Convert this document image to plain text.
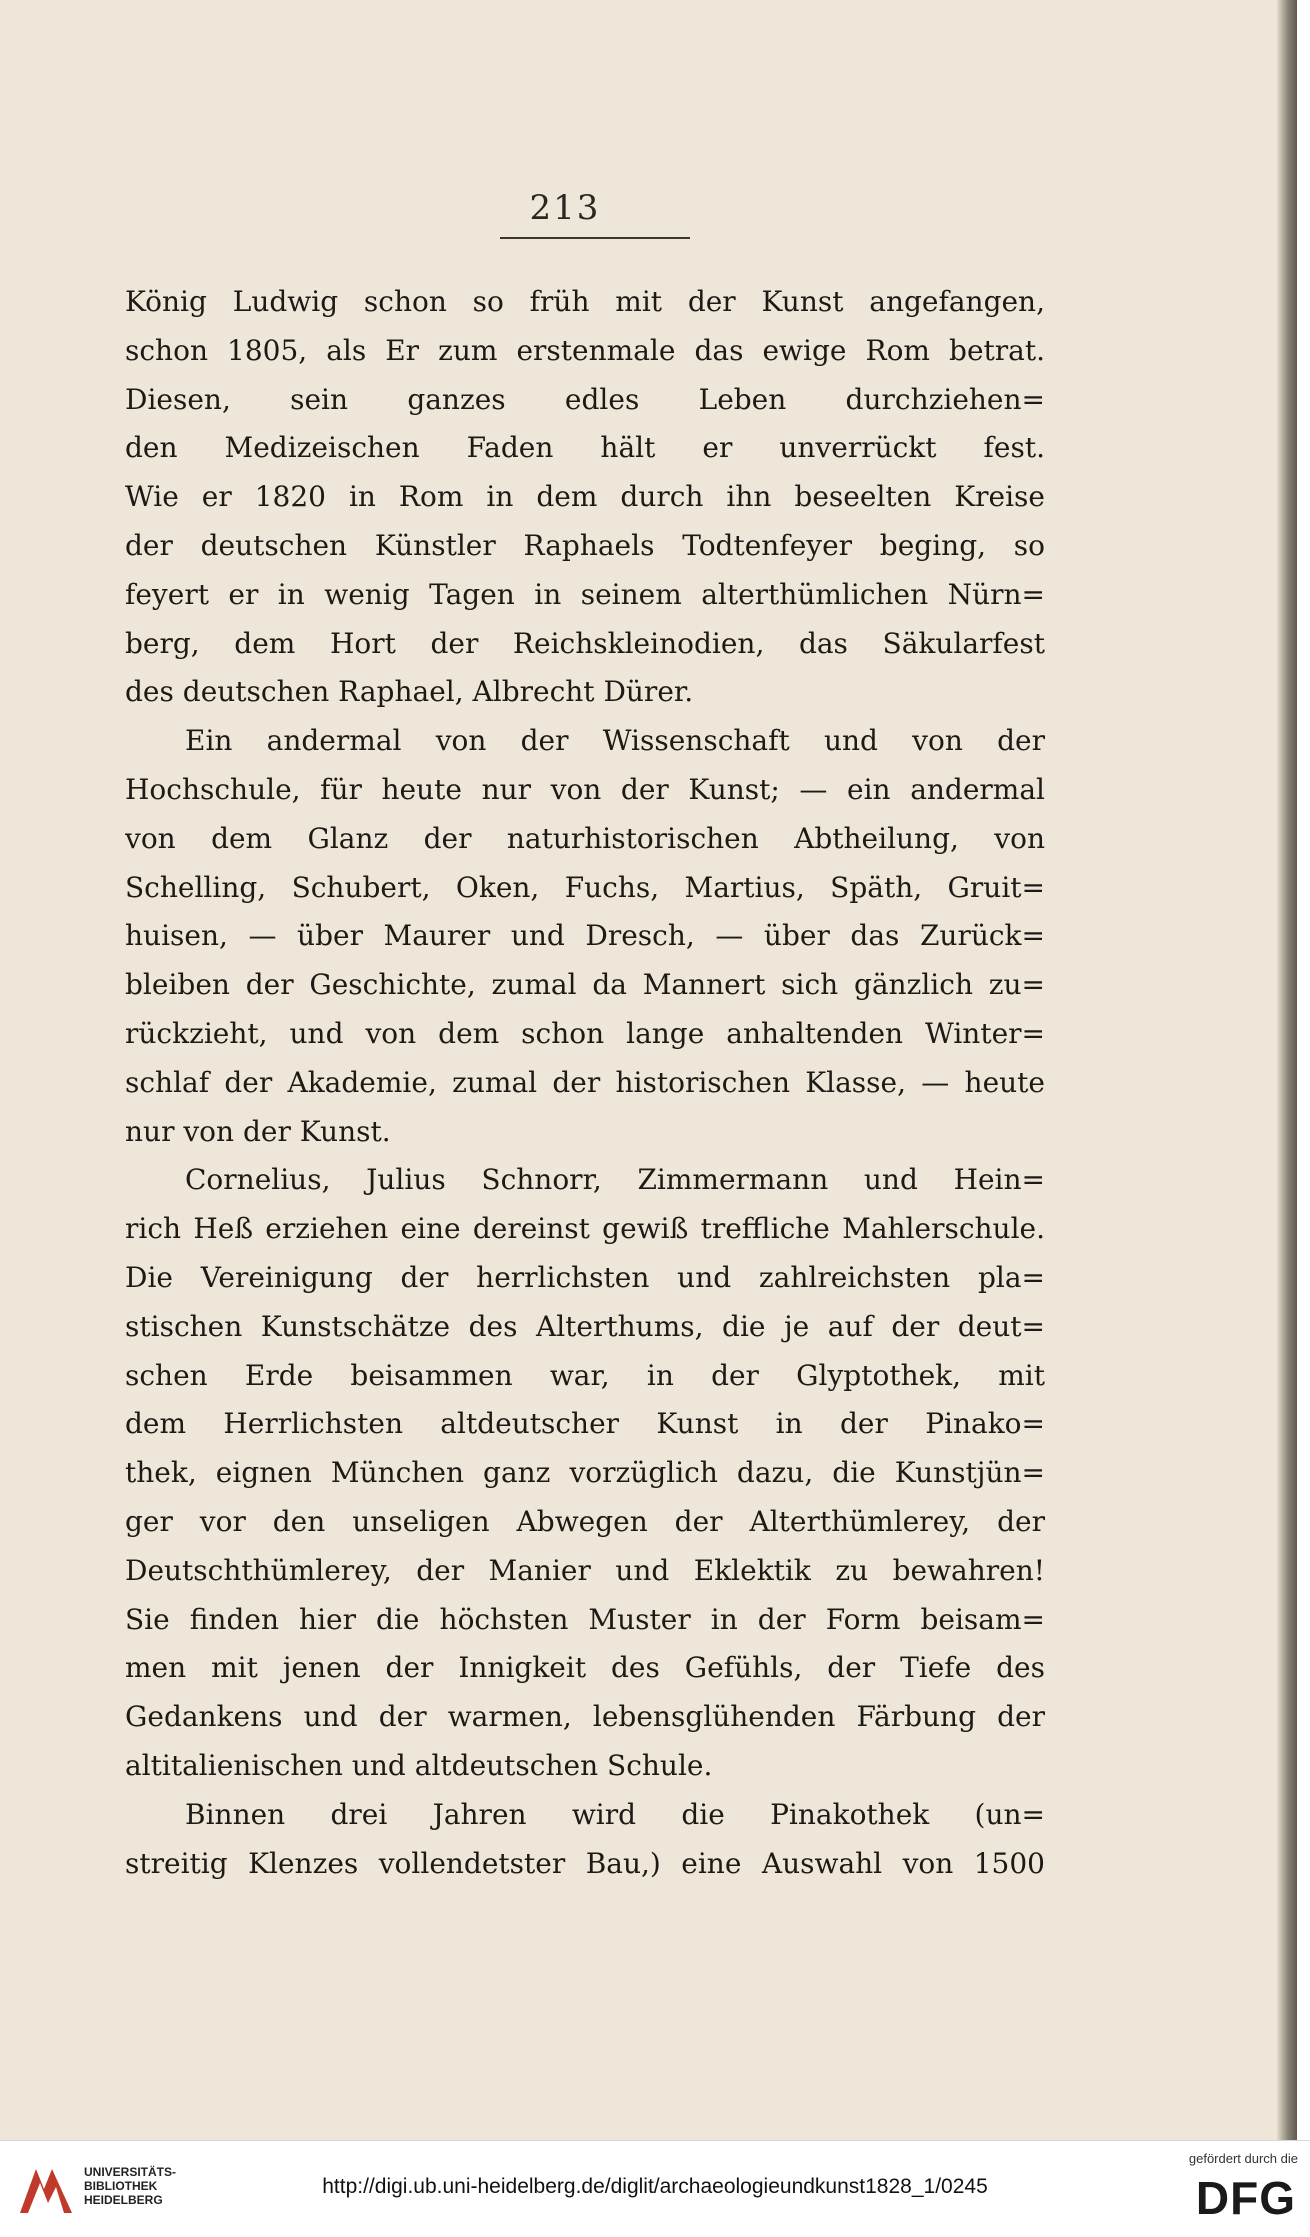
213
König Ludwig schon so früh mit der Kunst angefangen,
schon 1805, als Er zum erstenmale das ewige Rom betrat.
Diesen, sein ganzes edles Leben durchziehen=
den Medizeischen Faden hält er unverrückt fest.
Wie er 1820 in Rom in dem durch ihn beseelten Kreise
der deutschen Künstler Raphaels Todtenfeyer beging, so
feyert er in wenig Tagen in seinem alterthümlichen Nürn=
berg, dem Hort der Reichskleinodien, das Säkularfest
des deutschen Raphael, Albrecht Dürer.
Ein andermal von der Wissenschaft und von der
Hochschule, für heute nur von der Kunst; — ein andermal
von dem Glanz der naturhistorischen Abtheilung, von
Schelling, Schubert, Oken, Fuchs, Martius, Späth, Gruit=
huisen, — über Maurer und Dresch, — über das Zurück=
bleiben der Geschichte, zumal da Mannert sich gänzlich zu=
rückzieht, und von dem schon lange anhaltenden Winter=
schlaf der Akademie, zumal der historischen Klasse, — heute
nur von der Kunst.
Cornelius, Julius Schnorr, Zimmermann und Hein=
rich Heß erziehen eine dereinst gewiß treffliche Mahlerschule.
Die Vereinigung der herrlichsten und zahlreichsten pla=
stischen Kunstschätze des Alterthums, die je auf der deut=
schen Erde beisammen war, in der Glyptothek, mit
dem Herrlichsten altdeutscher Kunst in der Pinako=
thek, eignen München ganz vorzüglich dazu, die Kunstjün=
ger vor den unseligen Abwegen der Alterthümlerey, der
Deutschthümlerey, der Manier und Eklektik zu bewahren!
Sie finden hier die höchsten Muster in der Form beisam=
men mit jenen der Innigkeit des Gefühls, der Tiefe des
Gedankens und der warmen, lebensglühenden Färbung der
altitalienischen und altdeutschen Schule.
Binnen drei Jahren wird die Pinakothek (un=
streitig Klenzes vollendetster Bau,) eine Auswahl von 1500
UNIVERSITÄTS-
BIBLIOTHEK
HEIDELBERG
http://digi.ub.uni-heidelberg.de/diglit/archaeologieundkunst1828_1/0245
gefördert durch die
DFG
